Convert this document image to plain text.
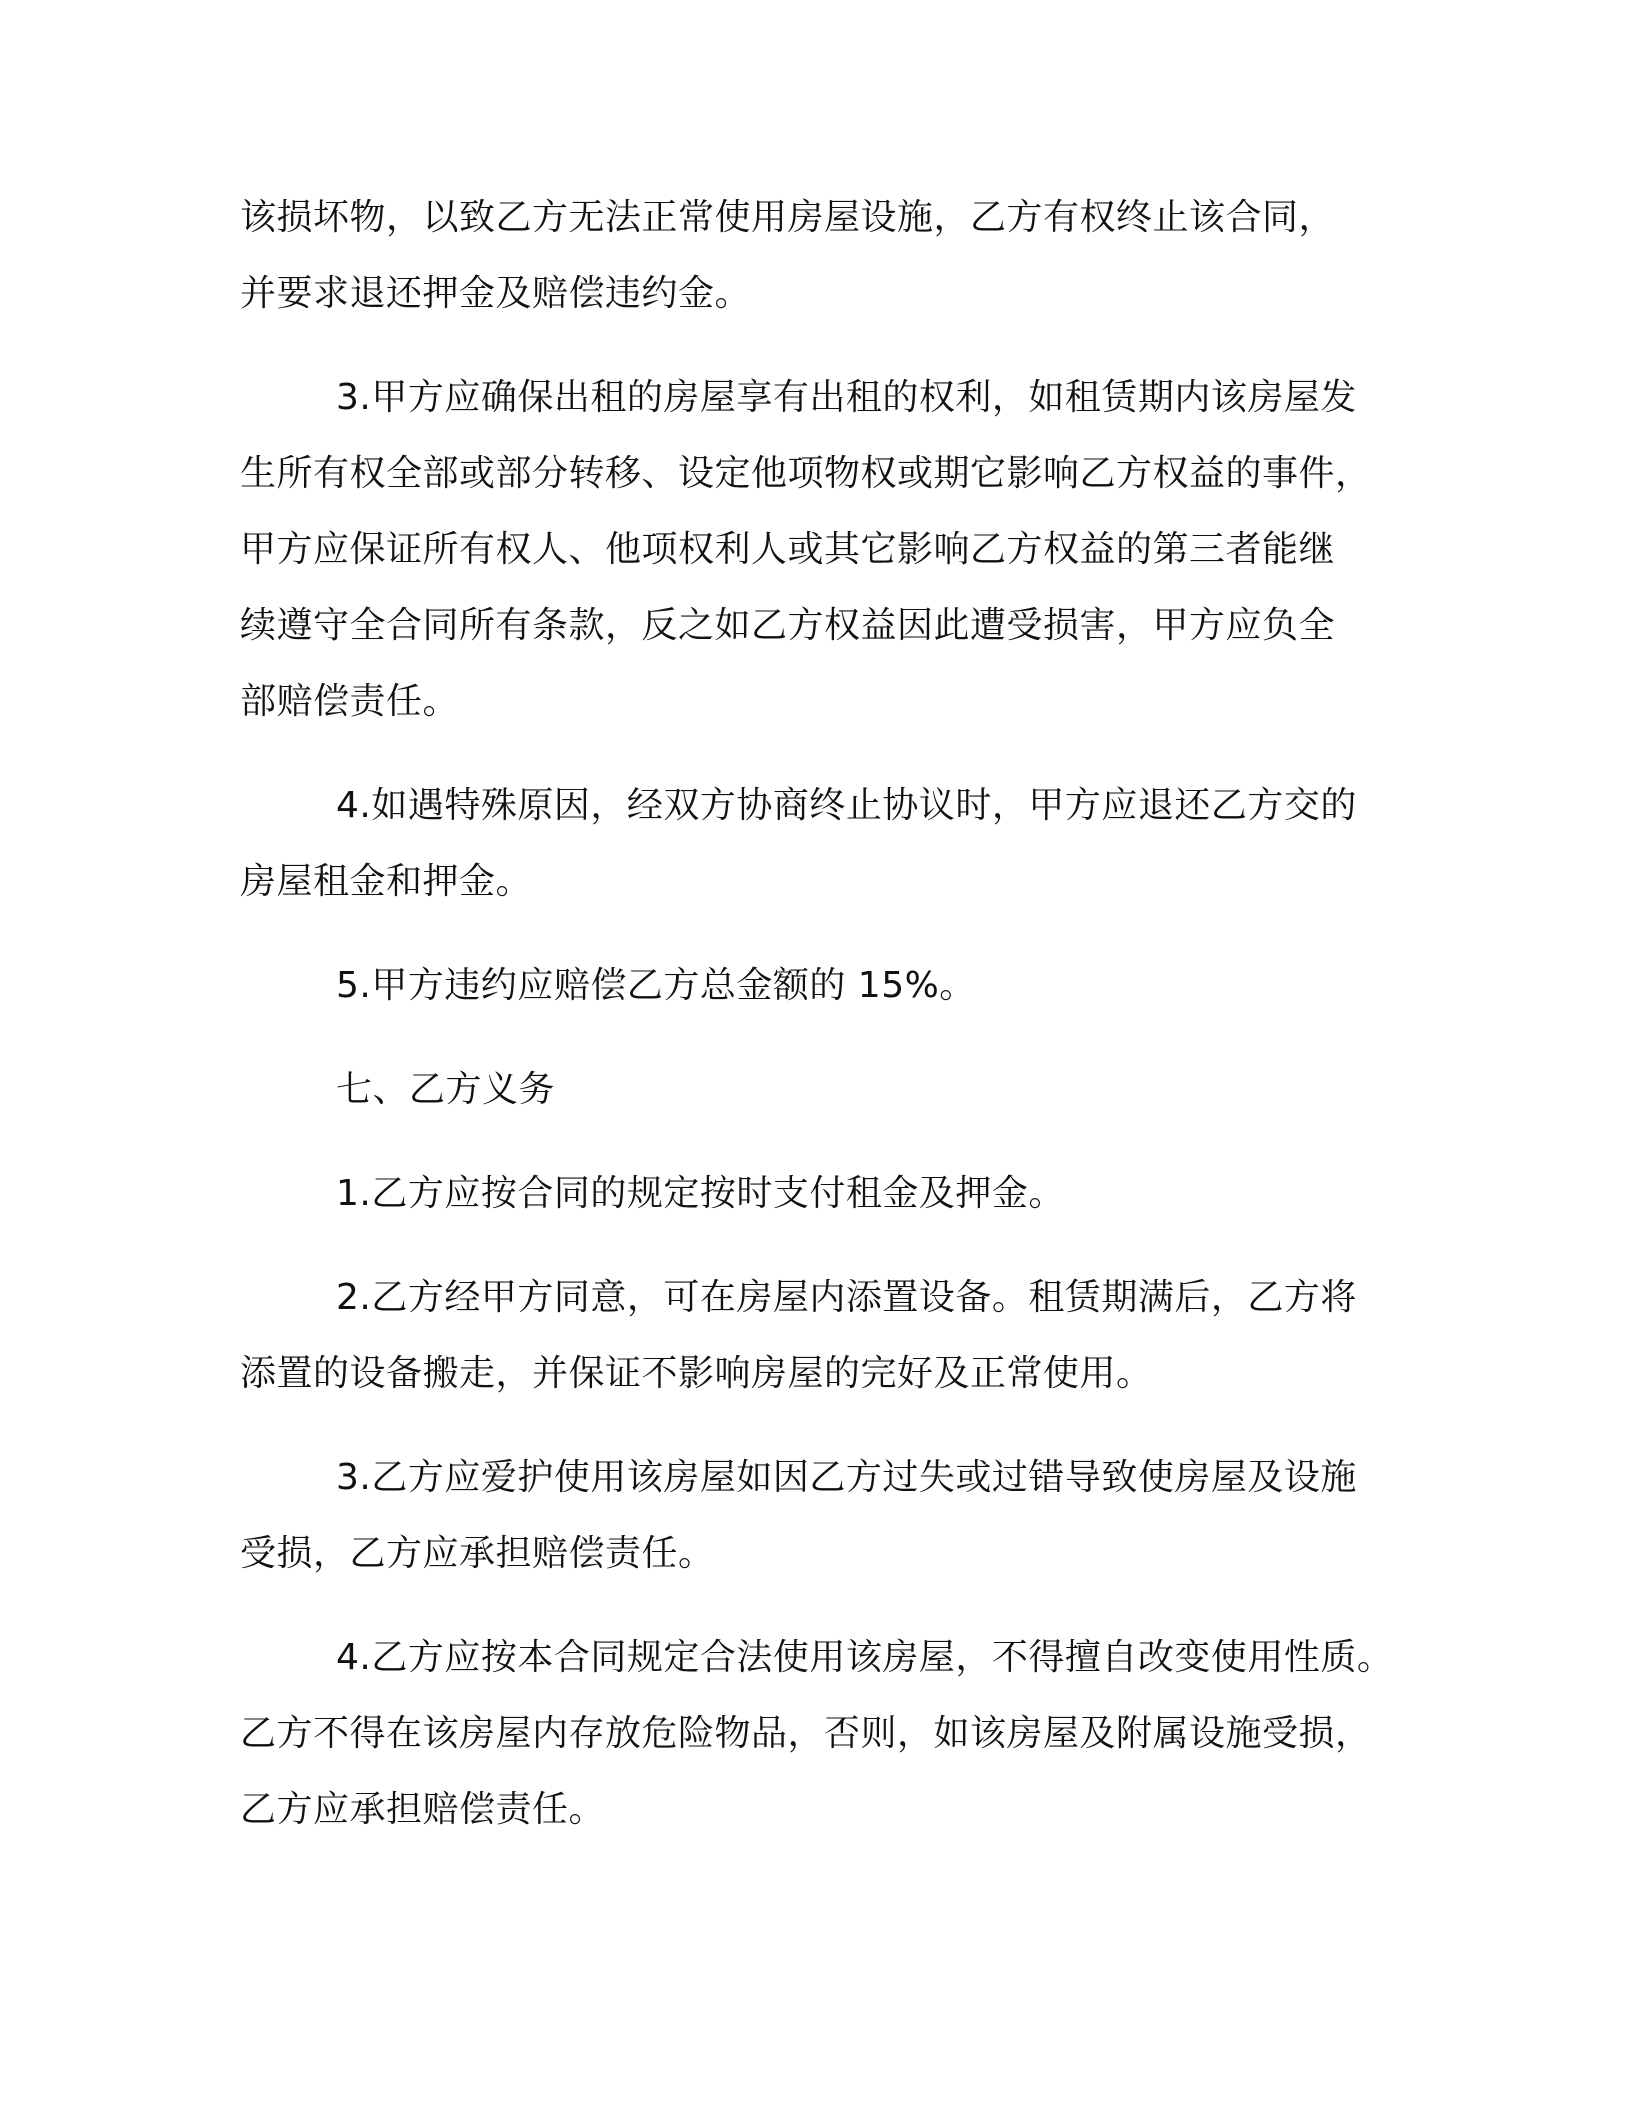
该损坏物，以致乙方无法正常使用房屋设施，乙方有权终止该合同，
并要求退还押金及赔偿违约金。
3.甲方应确保出租的房屋享有出租的权利，如租赁期内该房屋发
生所有权全部或部分转移、设定他项物权或期它影响乙方权益的事件，
甲方应保证所有权人、他项权利人或其它影响乙方权益的第三者能继
续遵守全合同所有条款，反之如乙方权益因此遭受损害，甲方应负全
部赔偿责任。
4.如遇特殊原因，经双方协商终止协议时，甲方应退还乙方交的
房屋租金和押金。
5.甲方违约应赔偿乙方总金额的 15%。
七、乙方义务
1.乙方应按合同的规定按时支付租金及押金。
2.乙方经甲方同意，可在房屋内添置设备。租赁期满后，乙方将
添置的设备搬走，并保证不影响房屋的完好及正常使用。
3.乙方应爱护使用该房屋如因乙方过失或过错导致使房屋及设施
受损，乙方应承担赔偿责任。
4.乙方应按本合同规定合法使用该房屋，不得擅自改变使用性质。
乙方不得在该房屋内存放危险物品，否则，如该房屋及附属设施受损，
乙方应承担赔偿责任。
